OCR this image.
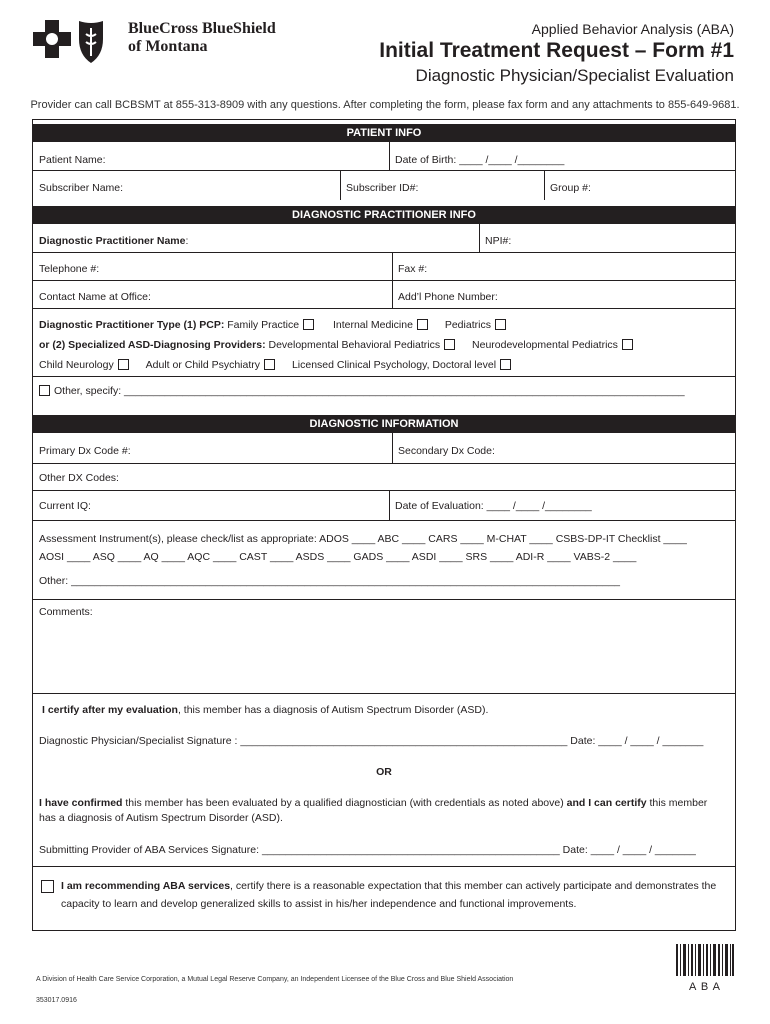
BlueCross BlueShield
of Montana
Applied Behavior Analysis (ABA)
Initial Treatment Request – Form #1
Diagnostic Physician/Specialist Evaluation
Provider can call BCBSMT at 855-313-8909 with any questions. After completing the form, please fax form and any attachments to 855-649-9681.
PATIENT INFO
Patient Name:	Date of Birth: ____ /____ /________
Subscriber Name:	Subscriber ID#:	Group #:
DIAGNOSTIC PRACTITIONER INFO
Diagnostic Practitioner Name:	NPI#:
Telephone #:	Fax #:
Contact Name at Office:	Add’l Phone Number:
Diagnostic Practitioner Type (1) PCP: Family Practice	Internal Medicine	Pediatrics
or (2) Specialized ASD-Diagnosing Providers: Developmental Behavioral Pediatrics	Neurodevelopmental Pediatrics
Child Neurology	Adult or Child Psychiatry	Licensed Clinical Psychology, Doctoral level
Other, specify: ________________________________________________________________________________________________
DIAGNOSTIC INFORMATION
Primary Dx Code #:	Secondary Dx Code:
Other DX Codes:
Current IQ:	Date of Evaluation: ____ /____ /________
Assessment Instrument(s), please check/list as appropriate: ADOS ____ ABC ____ CARS ____ M-CHAT ____ CSBS-DP-IT Checklist ____
AOSI ____ ASQ ____ AQ ____ AQC ____ CAST ____ ASDS ____ GADS ____ ASDI ____ SRS ____ ADI-R ____ VABS-2 ____
Other: ______________________________________________________________________________________________
Comments:
I certify after my evaluation, this member has a diagnosis of Autism Spectrum Disorder (ASD).
Diagnostic Physician/Specialist Signature : ________________________________________________________ Date: ____ / ____ / _______
OR
I have confirmed this member has been evaluated by a qualified diagnostician (with credentials as noted above) and I can certify this member
has a diagnosis of Autism Spectrum Disorder (ASD).
Submitting Provider of ABA Services Signature: ___________________________________________________ Date: ____ / ____ / _______
I am recommending ABA services, certify there is a reasonable expectation that this member can actively participate and demonstrates the
capacity to learn and develop generalized skills to assist in his/her independence and functional improvements.
A Division of Health Care Service Corporation, a Mutual Legal Reserve Company, an Independent Licensee of the Blue Cross and Blue Shield Association
353017.0916
A B A
